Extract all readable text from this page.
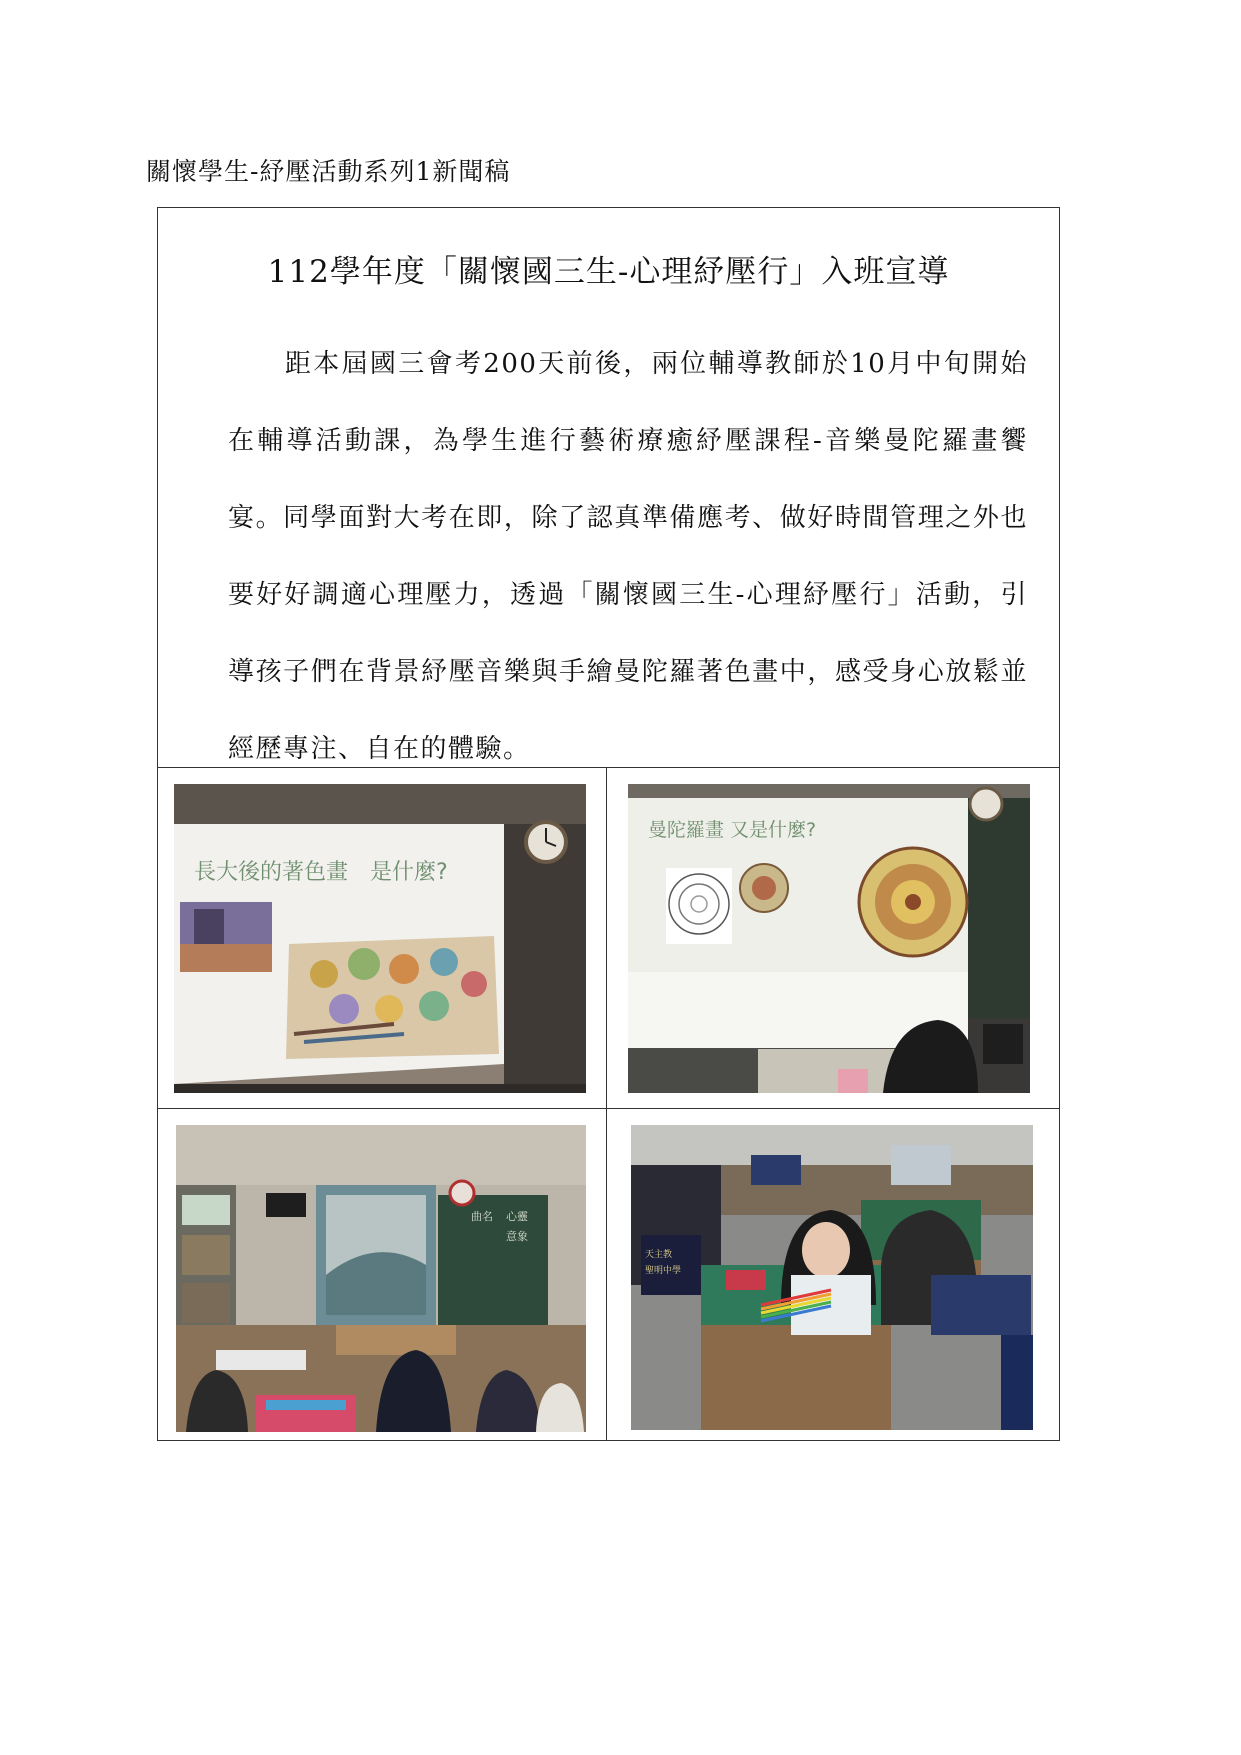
關懷學生-紓壓活動系列1新聞稿
112學年度「關懷國三生-心理紓壓行」入班宣導

距本屆國三會考200天前後，兩位輔導教師於10月中旬開始在輔導活動課，為學生進行藝術療癒紓壓課程-音樂曼陀羅畫饗宴。同學面對大考在即，除了認真準備應考、做好時間管理之外也要好好調適心理壓力，透過「關懷國三生-心理紓壓行」活動，引導孩子們在背景紓壓音樂與手繪曼陀羅著色畫中，感受身心放鬆並經歷專注、自在的體驗。

長大後的著色畫　是什麼?
曼陀羅畫 又是什麼?
曲名 心靈
意象
天主教
聖明中學
